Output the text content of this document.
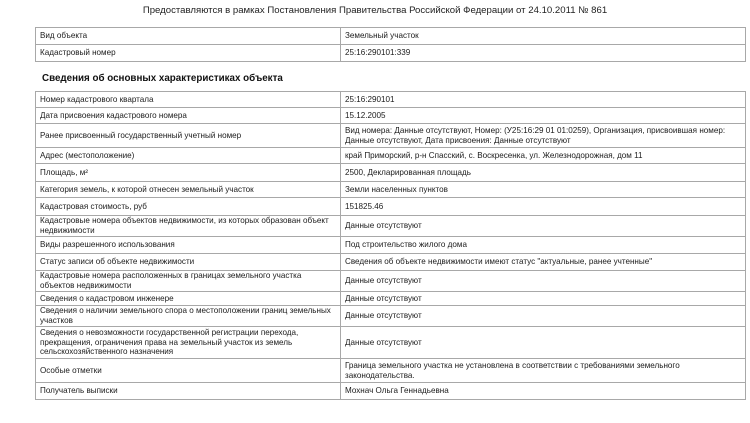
Предоставляются в рамках Постановления Правительства Российской Федерации от 24.10.2011 № 861
Вид объекта	Земельный участок
Кадастровый номер	25:16:290101:339
Сведения об основных характеристиках объекта
Номер кадастрового квартала	25:16:290101
Дата присвоения кадастрового номера	15.12.2005
Ранее присвоенный государственный учетный номер	Вид номера: Данные отсутствуют, Номер: (У25:16:29 01 01:0259), Организация, присвоившая номер: Данные отсутствуют, Дата присвоения: Данные отсутствуют
Адрес (местоположение)	край Приморский, р-н Спасский, с. Воскресенка, ул. Железнодорожная, дом 11
Площадь, м²	2500, Декларированная площадь
Категория земель, к которой отнесен земельный участок	Земли населенных пунктов
Кадастровая стоимость, руб	151825.46
Кадастровые номера объектов недвижимости, из которых образован объект недвижимости	Данные отсутствуют
Виды разрешенного использования	Под строительство жилого дома
Статус записи об объекте недвижимости	Сведения об объекте недвижимости имеют статус "актуальные, ранее учтенные"
Кадастровые номера расположенных в границах земельного участка объектов недвижимости	Данные отсутствуют
Сведения о кадастровом инженере	Данные отсутствуют
Сведения о наличии земельного спора о местоположении границ земельных участков	Данные отсутствуют
Сведения о невозможности государственной регистрации перехода, прекращения, ограничения права на земельный участок из земель сельскохозяйственного назначения	Данные отсутствуют
Особые отметки	Граница земельного участка не установлена в соответствии с требованиями земельного законодательства.
Получатель выписки	Мохнач Ольга Геннадьевна
